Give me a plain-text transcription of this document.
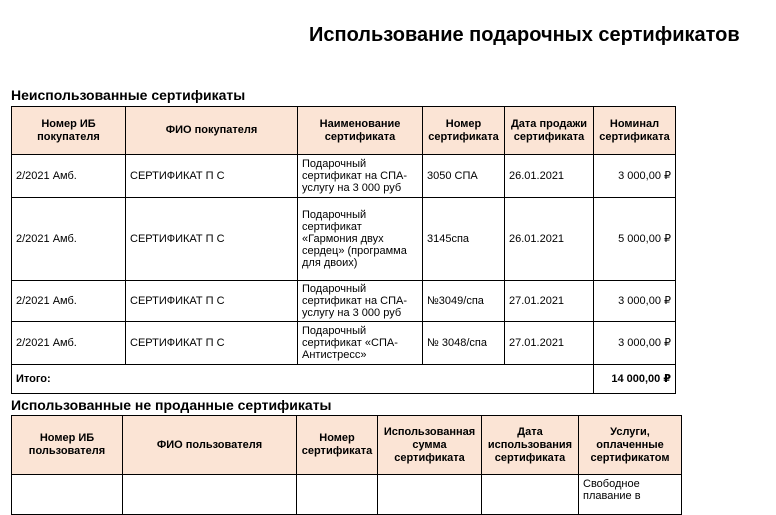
Использование подарочных сертификатов
Неиспользованные сертификаты
Номер ИБ покупателя	ФИО покупателя	Наименование сертификата	Номер сертификата	Дата продажи сертификата	Номинал сертификата
2/2021 Амб.	СЕРТИФИКАТ П С	Подарочный сертификат на СПА-услугу на 3 000 руб	3050 СПА	26.01.2021	3 000,00 ₽
2/2021 Амб.	СЕРТИФИКАТ П С	Подарочный сертификат «Гармония двух сердец» (программа для двоих)	3145спа	26.01.2021	5 000,00 ₽
2/2021 Амб.	СЕРТИФИКАТ П С	Подарочный сертификат на СПА-услугу на 3 000 руб	№3049/спа	27.01.2021	3 000,00 ₽
2/2021 Амб.	СЕРТИФИКАТ П С	Подарочный сертификат «СПА-Антистресс»	№ 3048/спа	27.01.2021	3 000,00 ₽
Итого:					14 000,00 ₽
Использованные не проданные сертификаты
Номер ИБ пользователя	ФИО пользователя	Номер сертификата	Использованная сумма сертификата	Дата использования сертификата	Услуги, оплаченные сертификатом
					Свободное плавание в
